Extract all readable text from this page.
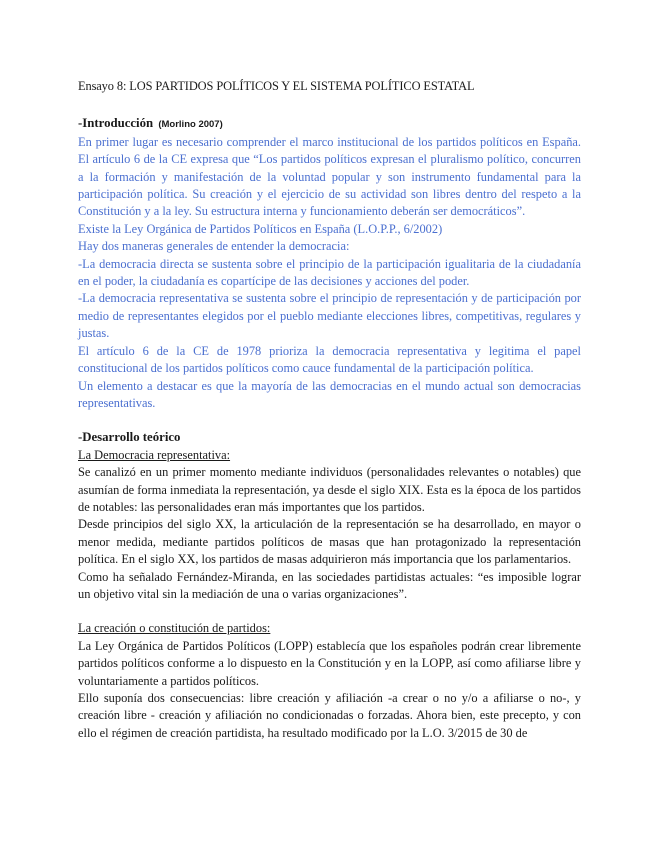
Ensayo 8: LOS PARTIDOS POLÍTICOS Y EL SISTEMA POLÍTICO ESTATAL
-Introducción (Morlino 2007)

En primer lugar es necesario comprender el marco institucional de los partidos políticos en España. El artículo 6 de la CE expresa que “Los partidos políticos expresan el pluralismo político, concurren a la formación y manifestación de la voluntad popular y son instrumento fundamental para la participación política. Su creación y el ejercicio de su actividad son libres dentro del respeto a la Constitución y a la ley. Su estructura interna y funcionamiento deberán ser democráticos”.

Existe la Ley Orgánica de Partidos Políticos en España (L.O.P.P., 6/2002)

Hay dos maneras generales de entender la democracia:

-La democracia directa se sustenta sobre el principio de la participación igualitaria de la ciudadanía en el poder, la ciudadanía es copartícipe de las decisiones y acciones del poder.

-La democracia representativa se sustenta sobre el principio de representación y de participación por medio de representantes elegidos por el pueblo mediante elecciones libres, competitivas, regulares y justas.

El artículo 6 de la CE de 1978 prioriza la democracia representativa y legitima el papel constitucional de los partidos políticos como cauce fundamental de la participación política.

Un elemento a destacar es que la mayoría de las democracias en el mundo actual son democracias representativas.

-Desarrollo teórico
La Democracia representativa:

Se canalizó en un primer momento mediante individuos (personalidades relevantes o notables) que asumían de forma inmediata la representación, ya desde el siglo XIX. Esta es la época de los partidos de notables: las personalidades eran más importantes que los partidos.

Desde principios del siglo XX, la articulación de la representación se ha desarrollado, en mayor o menor medida, mediante partidos políticos de masas que han protagonizado la representación política. En el siglo XX, los partidos de masas adquirieron más importancia que los parlamentarios.

Como ha señalado Fernández-Miranda, en las sociedades partidistas actuales: “es imposible lograr un objetivo vital sin la mediación de una o varias organizaciones”.

La creación o constitución de partidos:

La Ley Orgánica de Partidos Políticos (LOPP) establecía que los españoles podrán crear libremente partidos políticos conforme a lo dispuesto en la Constitución y en la LOPP, así como afiliarse libre y voluntariamente a partidos políticos.

Ello suponía dos consecuencias: libre creación y afiliación -a crear o no y/o a afiliarse o no-, y creación libre - creación y afiliación no condicionadas o forzadas. Ahora bien, este precepto, y con ello el régimen de creación partidista, ha resultado modificado por la L.O. 3/2015 de 30 de
